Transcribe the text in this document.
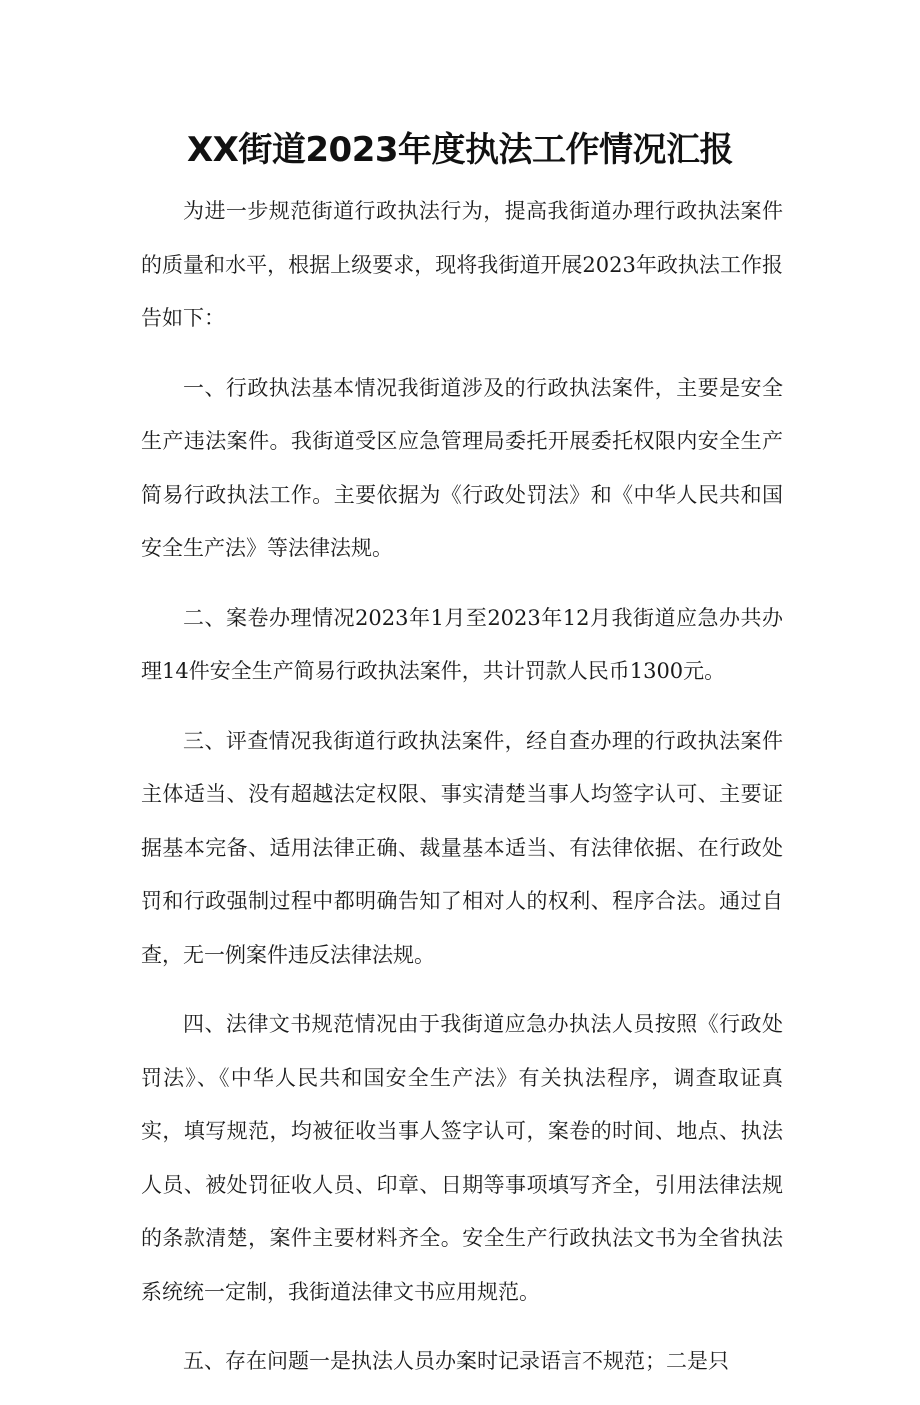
XX街道2023年度执法工作情况汇报

为进一步规范街道行政执法行为，提高我街道办理行政执法案件的质量和水平，根据上级要求，现将我街道开展2023年政执法工作报告如下：

一、行政执法基本情况我街道涉及的行政执法案件，主要是安全生产违法案件。我街道受区应急管理局委托开展委托权限内安全生产简易行政执法工作。主要依据为《行政处罚法》和《中华人民共和国安全生产法》等法律法规。

二、案卷办理情况2023年1月至2023年12月我街道应急办共办理14件安全生产简易行政执法案件，共计罚款人民币1300元。

三、评查情况我街道行政执法案件，经自查办理的行政执法案件主体适当、没有超越法定权限、事实清楚当事人均签字认可、主要证据基本完备、适用法律正确、裁量基本适当、有法律依据、在行政处罚和行政强制过程中都明确告知了相对人的权利、程序合法。通过自查，无一例案件违反法律法规。

四、法律文书规范情况由于我街道应急办执法人员按照《行政处罚法》、《中华人民共和国安全生产法》有关执法程序，调查取证真实，填写规范，均被征收当事人签字认可，案卷的时间、地点、执法人员、被处罚征收人员、印章、日期等事项填写齐全，引用法律法规的条款清楚，案件主要材料齐全。安全生产行政执法文书为全省执法系统统一定制，我街道法律文书应用规范。

五、存在问题一是执法人员办案时记录语言不规范；二是只
